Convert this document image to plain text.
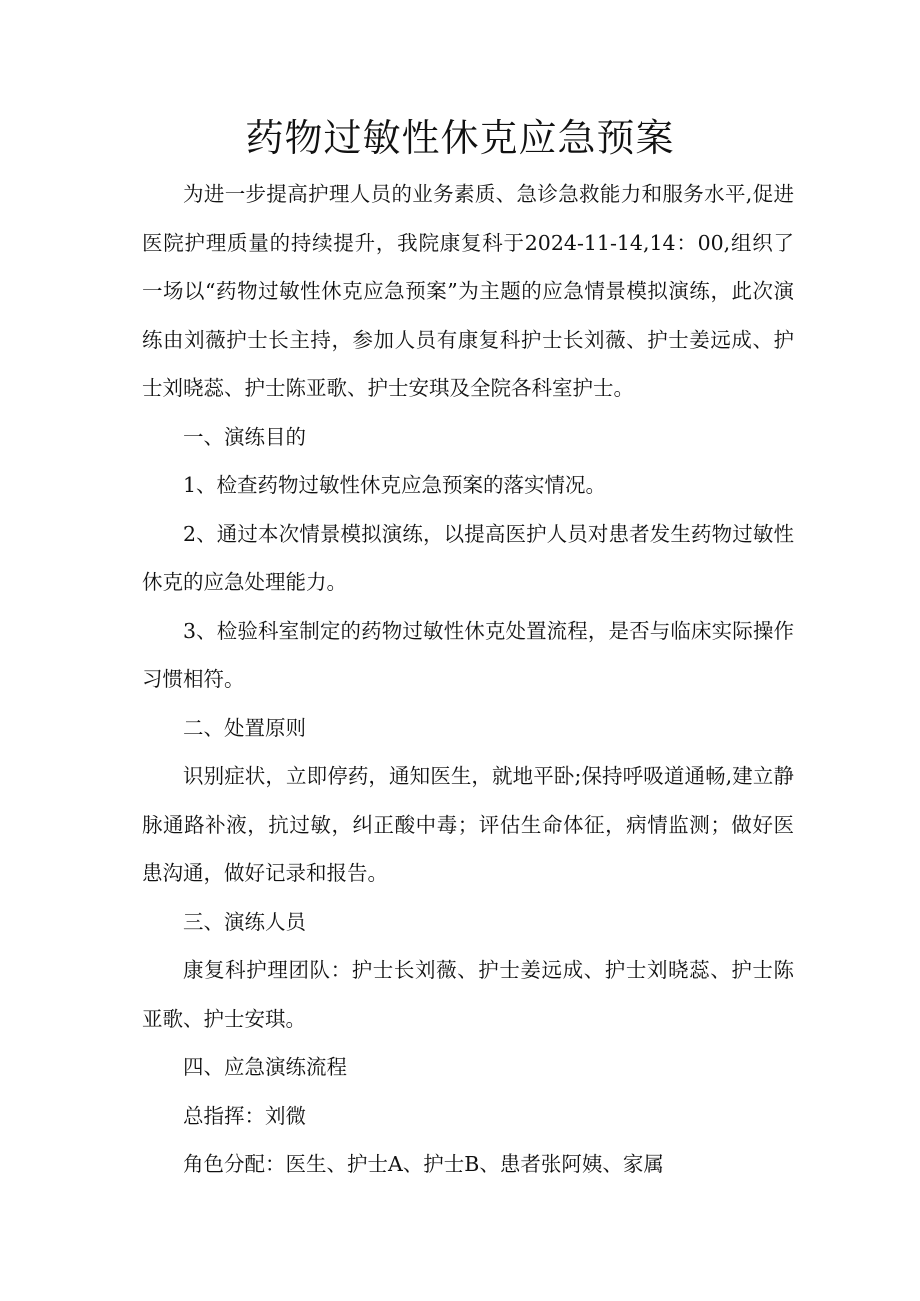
药物过敏性休克应急预案

为进一步提高护理人员的业务素质、急诊急救能力和服务水平,促进医院护理质量的持续提升，我院康复科于2024-11-14,14：00,组织了一场以“药物过敏性休克应急预案”为主题的应急情景模拟演练，此次演练由刘薇护士长主持，参加人员有康复科护士长刘薇、护士姜远成、护士刘晓蕊、护士陈亚歌、护士安琪及全院各科室护士。

一、演练目的

1、检查药物过敏性休克应急预案的落实情况。

2、通过本次情景模拟演练，以提高医护人员对患者发生药物过敏性休克的应急处理能力。

3、检验科室制定的药物过敏性休克处置流程，是否与临床实际操作习惯相符。

二、处置原则

识别症状，立即停药，通知医生，就地平卧;保持呼吸道通畅,建立静脉通路补液，抗过敏，纠正酸中毒；评估生命体征，病情监测；做好医患沟通，做好记录和报告。

三、演练人员

康复科护理团队：护士长刘薇、护士姜远成、护士刘晓蕊、护士陈亚歌、护士安琪。

四、应急演练流程

总指挥：刘微

角色分配：医生、护士A、护士B、患者张阿姨、家属
